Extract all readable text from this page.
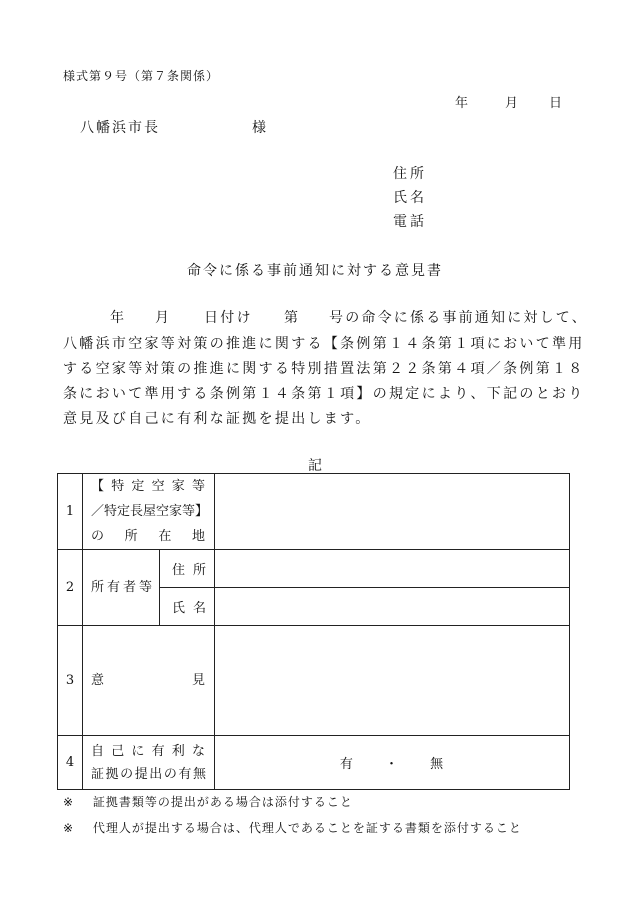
様式第９号（第７条関係）
年	月 日
八幡浜市長	様
住所
氏名
電話
命令に係る事前通知に対する意見書
年 月 日付け 第 号の命令に係る事前通知に対して、
八幡浜市空家等対策の推進に関する【条例第１４条第１項において準用
する空家等対策の推進に関する特別措置法第２２条第４項／条例第１８
条において準用する条例第１４条第１項】の規定により、下記のとおり
意見及び自己に有利な証拠を提出します。
記
1	【特定空家等
／特定長屋空家等】
の所在地		

2	所有者等	住所	
		氏名	
3	意見		
4	自己に有利な
証拠の提出の有無		有 ・ 無
※ 証拠書類等の提出がある場合は添付すること
※ 代理人が提出する場合は、代理人であることを証する書類を添付すること
